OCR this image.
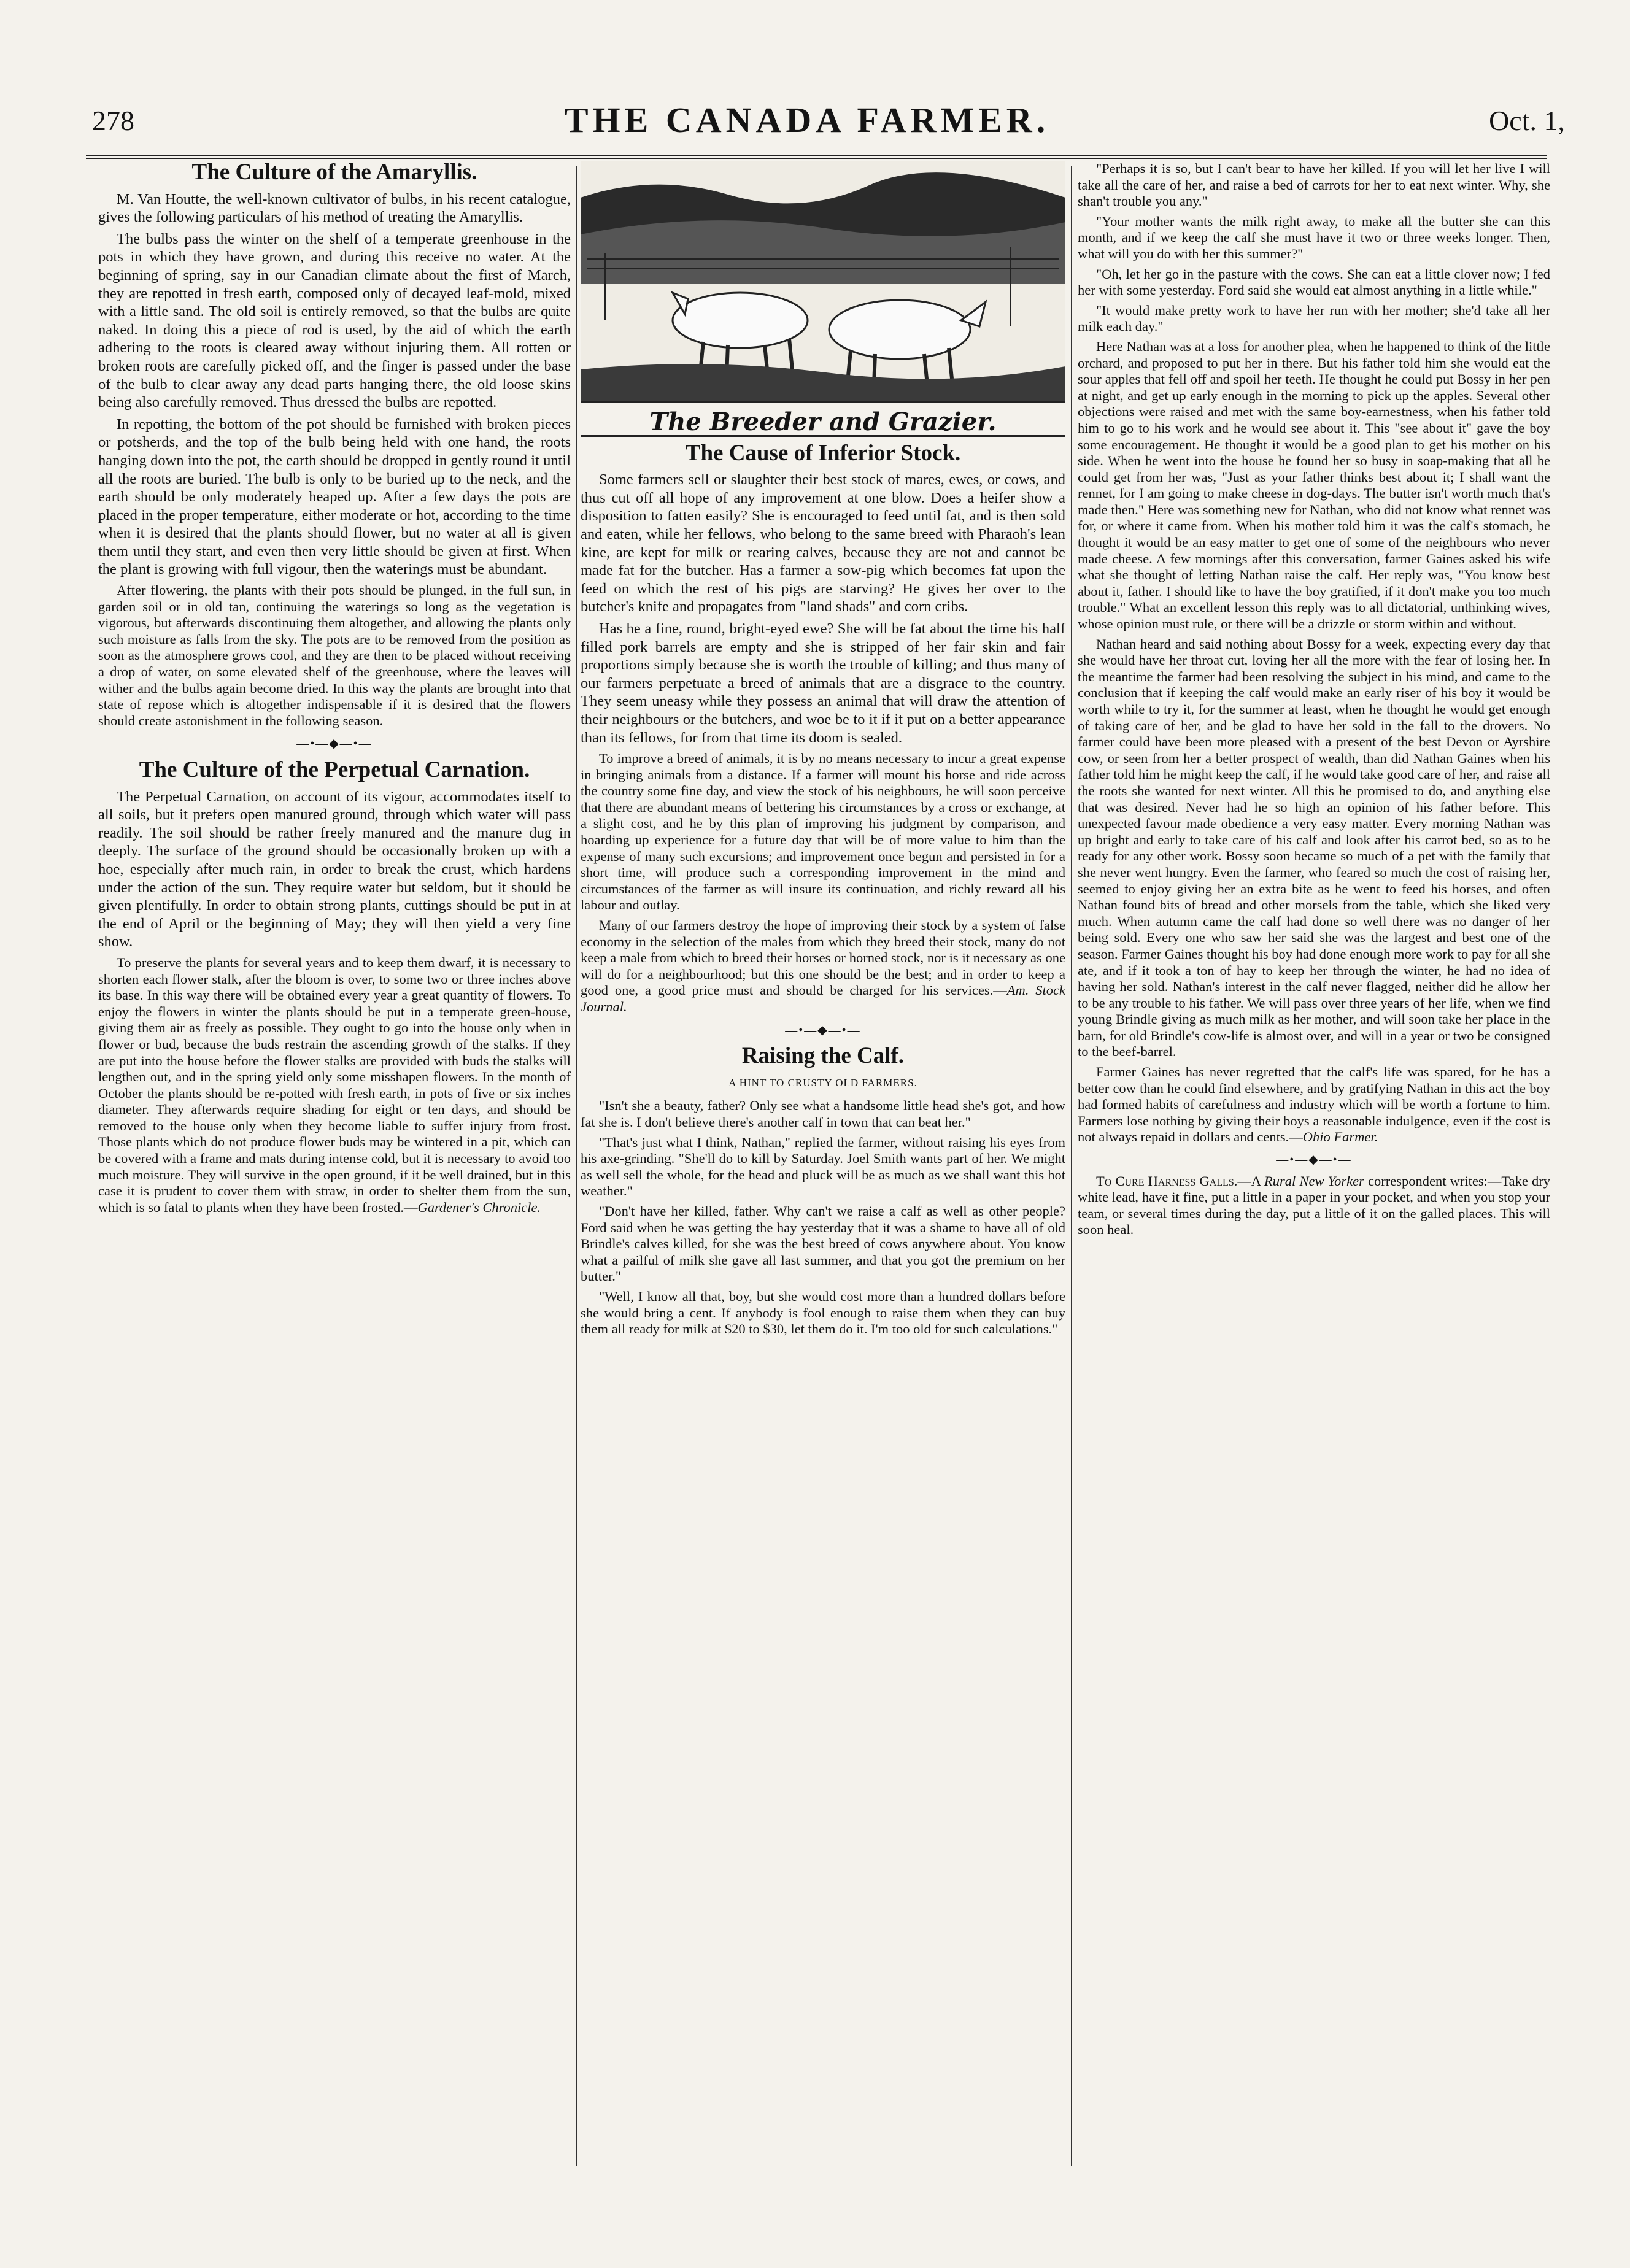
278	THE CANADA FARMER.	Oct. 1,
The Culture of the Amaryllis.

M. Van Houtte, the well-known cultivator of bulbs, in his recent catalogue, gives the following particulars of his method of treating the Amaryllis.

The bulbs pass the winter on the shelf of a temperate greenhouse in the pots in which they have grown, and during this receive no water. At the beginning of spring, say in our Canadian climate about the first of March, they are repotted in fresh earth, composed only of decayed leaf-mold, mixed with a little sand. The old soil is entirely removed, so that the bulbs are quite naked. In doing this a piece of rod is used, by the aid of which the earth adhering to the roots is cleared away without injuring them. All rotten or broken roots are carefully picked off, and the finger is passed under the base of the bulb to clear away any dead parts hanging there, the old loose skins being also carefully removed. Thus dressed the bulbs are repotted.

In repotting, the bottom of the pot should be furnished with broken pieces or potsherds, and the top of the bulb being held with one hand, the roots hanging down into the pot, the earth should be dropped in gently round it until all the roots are buried. The bulb is only to be buried up to the neck, and the earth should be only moderately heaped up. After a few days the pots are placed in the proper temperature, either moderate or hot, according to the time when it is desired that the plants should flower, but no water at all is given them until they start, and even then very little should be given at first. When the plant is growing with full vigour, then the waterings must be abundant.

After flowering, the plants with their pots should be plunged, in the full sun, in garden soil or in old tan, continuing the waterings so long as the vegetation is vigorous, but afterwards discontinuing them altogether, and allowing the plants only such moisture as falls from the sky. The pots are to be removed from the position as soon as the atmosphere grows cool, and they are then to be placed without receiving a drop of water, on some elevated shelf of the greenhouse, where the leaves will wither and the bulbs again become dried. In this way the plants are brought into that state of repose which is altogether indispensable if it is desired that the flowers should create astonishment in the following season.

—•—◆—•—
The Culture of the Perpetual Carnation.

The Perpetual Carnation, on account of its vigour, accommodates itself to all soils, but it prefers open manured ground, through which water will pass readily. The soil should be rather freely manured and the manure dug in deeply. The surface of the ground should be occasionally broken up with a hoe, especially after much rain, in order to break the crust, which hardens under the action of the sun. They require water but seldom, but it should be given plentifully. In order to obtain strong plants, cuttings should be put in at the end of April or the beginning of May; they will then yield a very fine show.

To preserve the plants for several years and to keep them dwarf, it is necessary to shorten each flower stalk, after the bloom is over, to some two or three inches above its base. In this way there will be obtained every year a great quantity of flowers. To enjoy the flowers in winter the plants should be put in a temperate green-house, giving them air as freely as possible. They ought to go into the house only when in flower or bud, because the buds restrain the ascending growth of the stalks. If they are put into the house before the flower stalks are provided with buds the stalks will lengthen out, and in the spring yield only some misshapen flowers. In the month of October the plants should be re-potted with fresh earth, in pots of five or six inches diameter. They afterwards require shading for eight or ten days, and should be removed to the house only when they become liable to suffer injury from frost. Those plants which do not produce flower buds may be wintered in a pit, which can be covered with a frame and mats during intense cold, but it is necessary to avoid too much moisture. They will survive in the open ground, if it be well drained, but in this case it is prudent to cover them with straw, in order to shelter them from the sun, which is so fatal to plants when they have been frosted.—Gardener's Chronicle.

The Breeder and Grazier.
The Cause of Inferior Stock.

Some farmers sell or slaughter their best stock of mares, ewes, or cows, and thus cut off all hope of any improvement at one blow. Does a heifer show a disposition to fatten easily? She is encouraged to feed until fat, and is then sold and eaten, while her fellows, who belong to the same breed with Pharaoh's lean kine, are kept for milk or rearing calves, because they are not and cannot be made fat for the butcher. Has a farmer a sow-pig which becomes fat upon the feed on which the rest of his pigs are starving? He gives her over to the butcher's knife and propagates from "land shads" and corn cribs.

Has he a fine, round, bright-eyed ewe? She will be fat about the time his half filled pork barrels are empty and she is stripped of her fair skin and fair proportions simply because she is worth the trouble of killing; and thus many of our farmers perpetuate a breed of animals that are a disgrace to the country. They seem uneasy while they possess an animal that will draw the attention of their neighbours or the butchers, and woe be to it if it put on a better appearance than its fellows, for from that time its doom is sealed.

To improve a breed of animals, it is by no means necessary to incur a great expense in bringing animals from a distance. If a farmer will mount his horse and ride across the country some fine day, and view the stock of his neighbours, he will soon perceive that there are abundant means of bettering his circumstances by a cross or exchange, at a slight cost, and he by this plan of improving his judgment by comparison, and hoarding up experience for a future day that will be of more value to him than the expense of many such excursions; and improvement once begun and persisted in for a short time, will produce such a corresponding improvement in the mind and circumstances of the farmer as will insure its continuation, and richly reward all his labour and outlay.

Many of our farmers destroy the hope of improving their stock by a system of false economy in the selection of the males from which they breed their stock, many do not keep a male from which to breed their horses or horned stock, nor is it necessary as one will do for a neighbourhood; but this one should be the best; and in order to keep a good one, a good price must and should be charged for his services.—Am. Stock Journal.

—•—◆—•—
Raising the Calf.
A HINT TO CRUSTY OLD FARMERS.

"Isn't she a beauty, father? Only see what a handsome little head she's got, and how fat she is. I don't believe there's another calf in town that can beat her."

"That's just what I think, Nathan," replied the farmer, without raising his eyes from his axe-grinding. "She'll do to kill by Saturday. Joel Smith wants part of her. We might as well sell the whole, for the head and pluck will be as much as we shall want this hot weather."

"Don't have her killed, father. Why can't we raise a calf as well as other people? Ford said when he was getting the hay yesterday that it was a shame to have all of old Brindle's calves killed, for she was the best breed of cows anywhere about. You know what a pailful of milk she gave all last summer, and that you got the premium on her butter."

"Well, I know all that, boy, but she would cost more than a hundred dollars before she would bring a cent. If anybody is fool enough to raise them when they can buy them all ready for milk at $20 to $30, let them do it. I'm too old for such calculations."

"Perhaps it is so, but I can't bear to have her killed. If you will let her live I will take all the care of her, and raise a bed of carrots for her to eat next winter. Why, she shan't trouble you any."

"Your mother wants the milk right away, to make all the butter she can this month, and if we keep the calf she must have it two or three weeks longer. Then, what will you do with her this summer?"

"Oh, let her go in the pasture with the cows. She can eat a little clover now; I fed her with some yesterday. Ford said she would eat almost anything in a little while."

"It would make pretty work to have her run with her mother; she'd take all her milk each day."

Here Nathan was at a loss for another plea, when he happened to think of the little orchard, and proposed to put her in there. But his father told him she would eat the sour apples that fell off and spoil her teeth. He thought he could put Bossy in her pen at night, and get up early enough in the morning to pick up the apples. Several other objections were raised and met with the same boy-earnestness, when his father told him to go to his work and he would see about it. This "see about it" gave the boy some encouragement. He thought it would be a good plan to get his mother on his side. When he went into the house he found her so busy in soap-making that all he could get from her was, "Just as your father thinks best about it; I shall want the rennet, for I am going to make cheese in dog-days. The butter isn't worth much that's made then." Here was something new for Nathan, who did not know what rennet was for, or where it came from. When his mother told him it was the calf's stomach, he thought it would be an easy matter to get one of some of the neighbours who never made cheese. A few mornings after this conversation, farmer Gaines asked his wife what she thought of letting Nathan raise the calf. Her reply was, "You know best about it, father. I should like to have the boy gratified, if it don't make you too much trouble." What an excellent lesson this reply was to all dictatorial, unthinking wives, whose opinion must rule, or there will be a drizzle or storm within and without.

Nathan heard and said nothing about Bossy for a week, expecting every day that she would have her throat cut, loving her all the more with the fear of losing her. In the meantime the farmer had been resolving the subject in his mind, and came to the conclusion that if keeping the calf would make an early riser of his boy it would be worth while to try it, for the summer at least, when he thought he would get enough of taking care of her, and be glad to have her sold in the fall to the drovers. No farmer could have been more pleased with a present of the best Devon or Ayrshire cow, or seen from her a better prospect of wealth, than did Nathan Gaines when his father told him he might keep the calf, if he would take good care of her, and raise all the roots she wanted for next winter. All this he promised to do, and anything else that was desired. Never had he so high an opinion of his father before. This unexpected favour made obedience a very easy matter. Every morning Nathan was up bright and early to take care of his calf and look after his carrot bed, so as to be ready for any other work. Bossy soon became so much of a pet with the family that she never went hungry. Even the farmer, who feared so much the cost of raising her, seemed to enjoy giving her an extra bite as he went to feed his horses, and often Nathan found bits of bread and other morsels from the table, which she liked very much. When autumn came the calf had done so well there was no danger of her being sold. Every one who saw her said she was the largest and best one of the season. Farmer Gaines thought his boy had done enough more work to pay for all she ate, and if it took a ton of hay to keep her through the winter, he had no idea of having her sold. Nathan's interest in the calf never flagged, neither did he allow her to be any trouble to his father. We will pass over three years of her life, when we find young Brindle giving as much milk as her mother, and will soon take her place in the barn, for old Brindle's cow-life is almost over, and will in a year or two be consigned to the beef-barrel.

Farmer Gaines has never regretted that the calf's life was spared, for he has a better cow than he could find elsewhere, and by gratifying Nathan in this act the boy had formed habits of carefulness and industry which will be worth a fortune to him. Farmers lose nothing by giving their boys a reasonable indulgence, even if the cost is not always repaid in dollars and cents.—Ohio Farmer.

—•—◆—•—

To Cure Harness Galls.—A Rural New Yorker correspondent writes:—Take dry white lead, have it fine, put a little in a paper in your pocket, and when you stop your team, or several times during the day, put a little of it on the galled places. This will soon heal.
